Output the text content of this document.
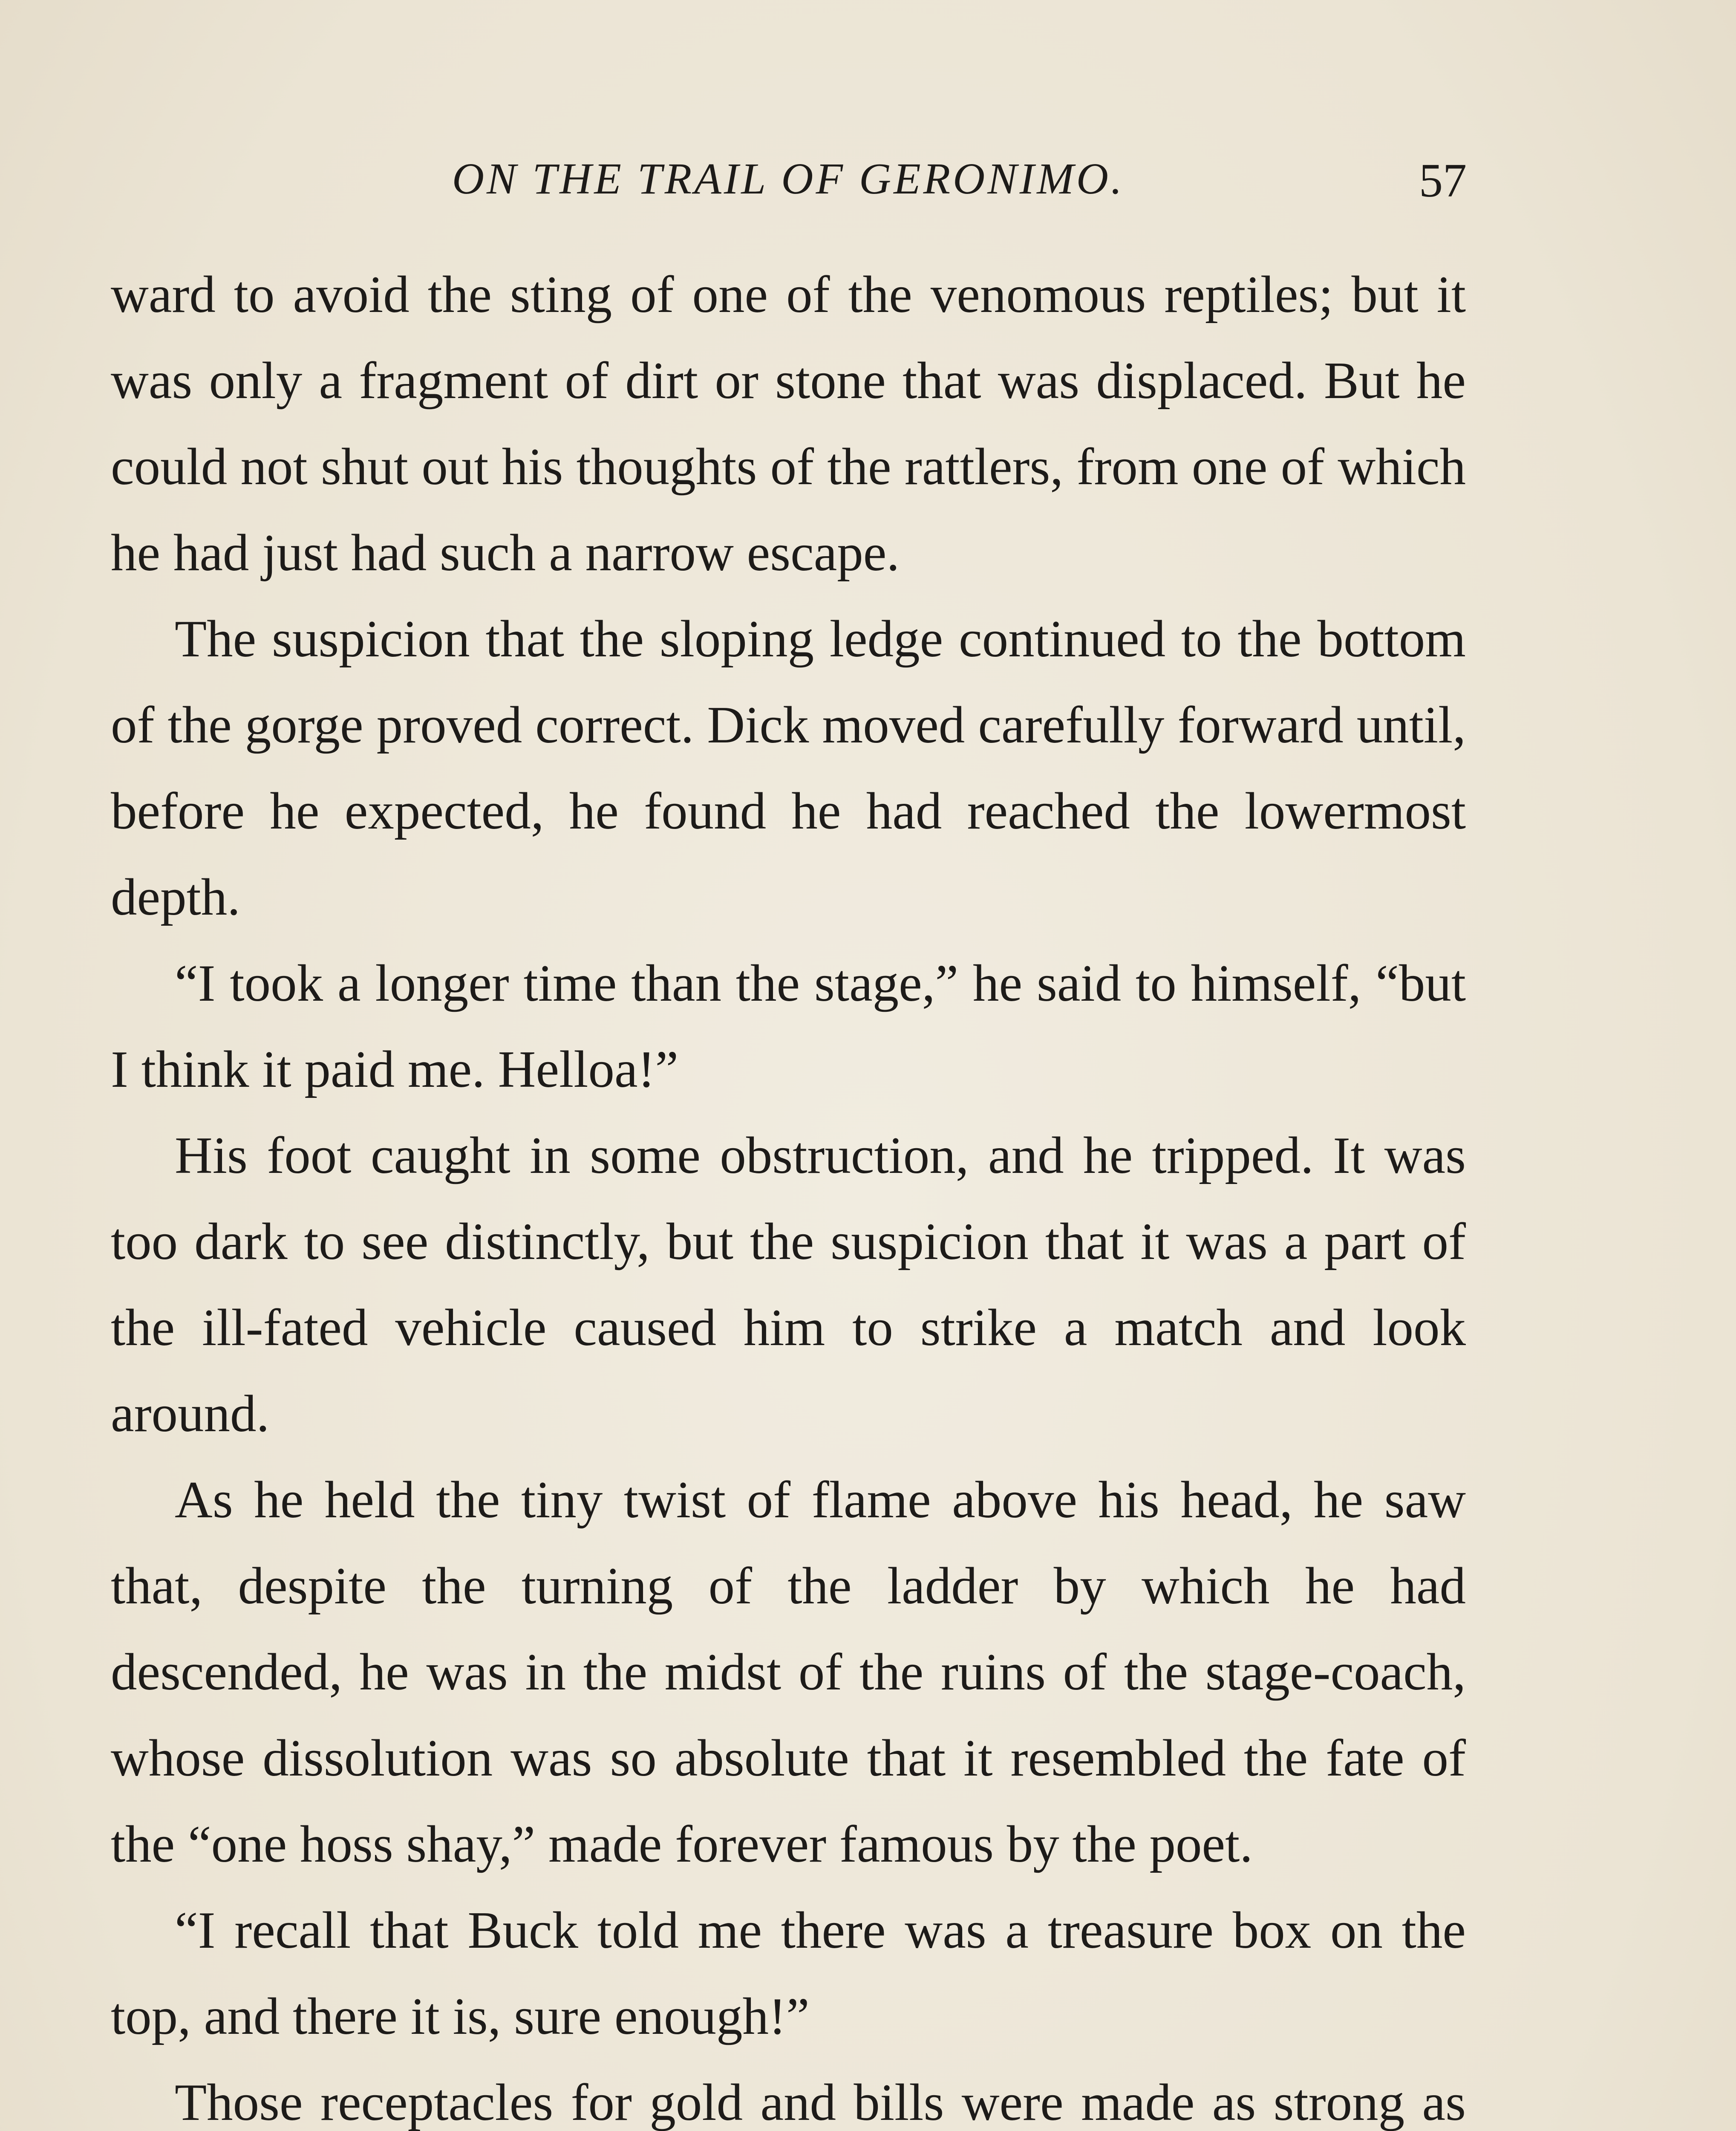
ON THE TRAIL OF GERONIMO.	57

ward to avoid the sting of one of the venomous reptiles; but it was only a fragment of dirt or stone that was displaced. But he could not shut out his thoughts of the rattlers, from one of which he had just had such a narrow escape.

The suspicion that the sloping ledge continued to the bottom of the gorge proved correct. Dick moved carefully forward until, before he expected, he found he had reached the lowermost depth.

“I took a longer time than the stage,” he said to himself, “but I think it paid me. Helloa!”

His foot caught in some obstruction, and he tripped. It was too dark to see distinctly, but the suspicion that it was a part of the ill-fated vehicle caused him to strike a match and look around.

As he held the tiny twist of flame above his head, he saw that, despite the turning of the ladder by which he had descended, he was in the midst of the ruins of the stage-coach, whose dissolution was so absolute that it resembled the fate of the “one hoss shay,” made forever famous by the poet.

“I recall that Buck told me there was a treasure box on the top, and there it is, sure enough!”

Those receptacles for gold and bills were made as strong as
